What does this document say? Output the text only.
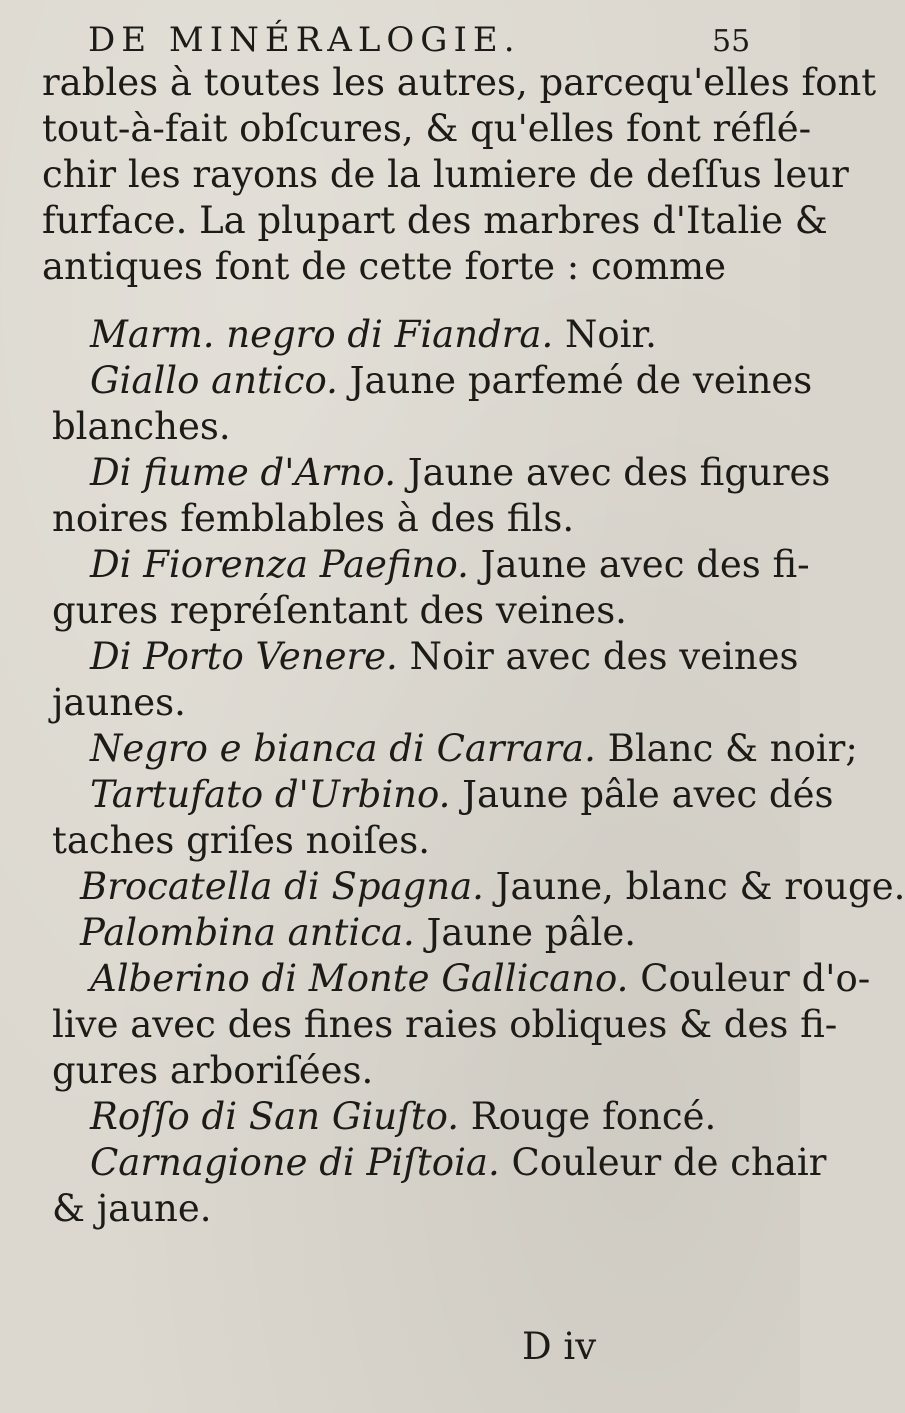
DE MINÉRALOGIE.	55
rables à toutes les autres, parcequ'elles font
tout-à-fait obſcures, & qu'elles font réflé-
chir les rayons de la lumiere de deſſus leur
furface. La plupart des marbres d'Italie &
antiques font de cette forte : comme
Marm. negro di Fiandra. Noir.
Giallo antico. Jaune parfemé de veines
blanches.
Di fiume d'Arno. Jaune avec des figures
noires femblables à des fils.
Di Fiorenza Paefino. Jaune avec des fi-
gures repréſentant des veines.
Di Porto Venere. Noir avec des veines
jaunes.
Negro e bianca di Carrara. Blanc & noir;
Tartufato d'Urbino. Jaune pâle avec dés
taches griſes noiſes.
Brocatella di Spagna. Jaune, blanc & rouge.
Palombina antica. Jaune pâle.
Alberino di Monte Gallicano. Couleur d'o-
live avec des fines raies obliques & des fi-
gures arboriſées.
Roſſo di San Giuſto. Rouge foncé.
Carnagione di Piſtoia. Couleur de chair
& jaune.
D iv
